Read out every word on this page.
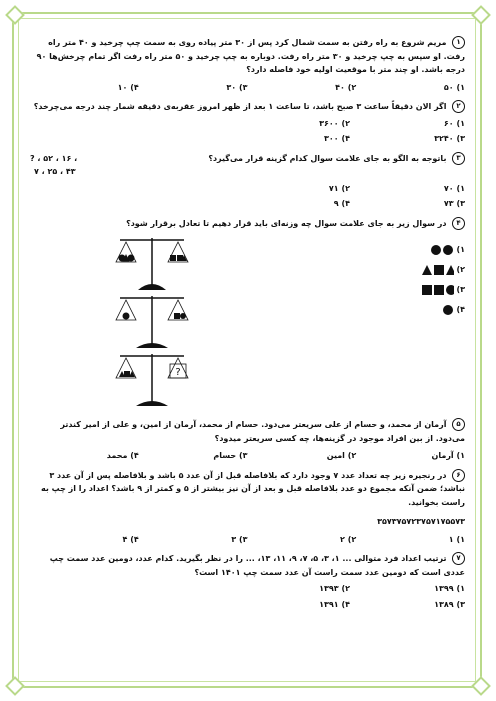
۱ مریم شروع به راه رفتن به سمت شمال کرد پس از ۳۰ متر پیاده روی به سمت چپ چرخید و ۴۰ متر راه رفت. او سپس به چپ چرخید و ۳۰ متر راه رفت. دوباره به چپ چرخید و ۵۰ متر راه رفت اگر تمام چرخش‌ها ۹۰ درجه باشد. او چند متر با موقعیت اولیه خود فاصله دارد؟
۱) ۵۰
۲) ۴۰
۳) ۳۰
۴) ۱۰
۲ اگر الان دقیقاً ساعت ۳ صبح باشد، تا ساعت ۱ بعد از ظهر امروز عقربه‌ی دقیقه شمار چند درجه می‌چرخد؟
۱) ۶۰
۲) ۳۶۰۰
۳) ۳۲۴۰
۴) ۳۰۰
۳ باتوجه به الگو به جای علامت سوال کدام گزینه قرار می‌گیرد؟
? ، ۵۲ ، ۱۶ ،
۷ ، ۲۵ ، ۴۳
۱) ۷۰
۲) ۷۱
۳) ۷۳
۴) ۹
۴ در سوال زیر به جای علامت سوال چه وزنه‌ای باید قرار دهیم تا تعادل برقرار شود؟
?
۱)
۲)
۳)
۴)
۵ آرمان از محمد، و حسام از علی سریعتر می‌دود. حسام از محمد، آرمان از امین، و علی از امیر کندتر می‌دود. از بین افراد موجود در گزینه‌ها، چه کسی سریعتر میدود؟
۱) آرمان
۲) امین
۳) حسام
۴) محمد
۶ در رنجیره زیر چه تعداد عدد ۷ وجود دارد که بلافاصله قبل از آن عدد ۵ باشد و بلافاصله پس از آن عدد ۳ نباشد؛ ضمن آنکه مجموع دو عدد بلافاصله قبل و بعد از آن نیز بیشتر از ۵ و کمتر از ۹ باشد؟ اعداد را از چپ به راست بخوانید.
۳۵۷۳۷۵۷۲۳۷۵۷۱۷۵۵۷۳
۱) ۱
۲) ۲
۳) ۳
۴) ۴
۷ ترتیب اعداد فرد متوالی ... ۱، ۳، ۵، ۷، ۹، ۱۱، ۱۳، ... را در نظر بگیرید. کدام عدد، دومین عدد سمت چپ عددی است که دومین عدد سمت راست آن عدد سمت چپ ۱۴۰۱ است؟
۱) ۱۳۹۹
۲) ۱۳۹۳
۳) ۱۳۸۹
۴) ۱۳۹۱
